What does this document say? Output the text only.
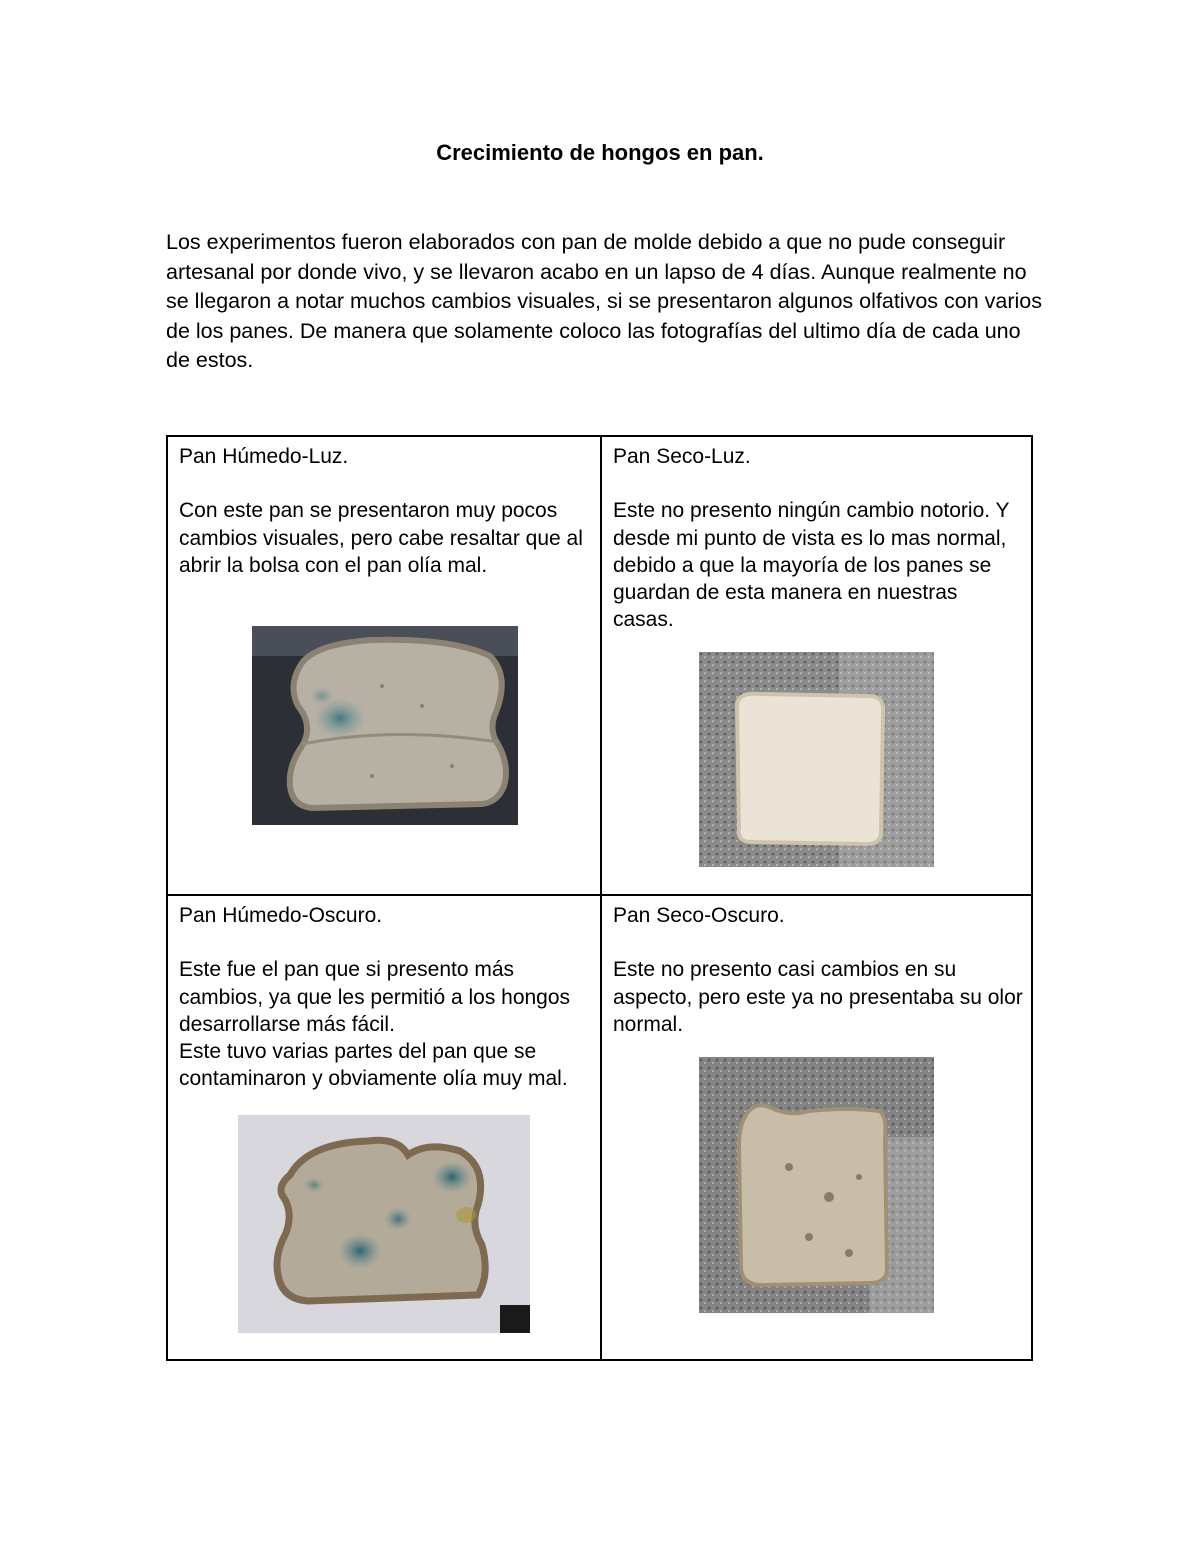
Crecimiento de hongos en pan.

Los experimentos fueron elaborados con pan de molde debido a que no pude conseguir artesanal por donde vivo, y se llevaron acabo en un lapso de 4 días. Aunque realmente no se llegaron a notar muchos cambios visuales, si se presentaron algunos olfativos con varios de los panes. De manera que solamente coloco las fotografías del ultimo día de cada uno de estos.

Pan Húmedo-Luz.

Con este pan se presentaron muy pocos cambios visuales, pero cabe resaltar que al abrir la bolsa con el pan olía mal.

Pan Seco-Luz.

Este no presento ningún cambio notorio. Y desde mi punto de vista es lo mas normal, debido a que la mayoría de los panes se guardan de esta manera en nuestras casas.

Pan Húmedo-Oscuro.

Este fue el pan que si presento más cambios, ya que les permitió a los hongos desarrollarse más fácil.

Este tuvo varias partes del pan que se contaminaron y obviamente olía muy mal.

Pan Seco-Oscuro.

Este no presento casi cambios en su aspecto, pero este ya no presentaba su olor normal.
